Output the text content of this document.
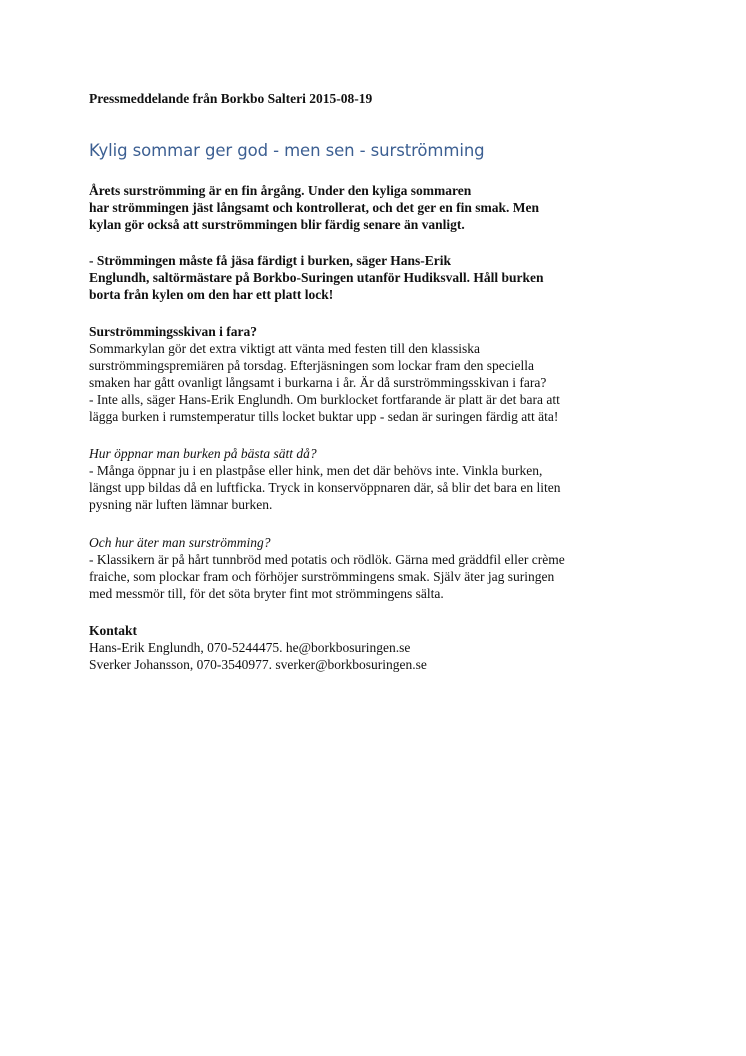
Pressmeddelande från Borkbo Salteri 2015-08-19

Kylig sommar ger god - men sen - surströmming
Årets surströmming är en fin årgång. Under den kyliga sommaren
har strömmingen jäst långsamt och kontrollerat, och det ger en fin smak. Men
kylan gör också att surströmmingen blir färdig senare än vanligt.
- Strömmingen måste få jäsa färdigt i burken, säger Hans-Erik
Englundh, saltörmästare på Borkbo-Suringen utanför Hudiksvall. Håll burken
borta från kylen om den har ett platt lock!
Surströmmingsskivan i fara?
Sommarkylan gör det extra viktigt att vänta med festen till den klassiska
surströmmingspremiären på torsdag. Efterjäsningen som lockar fram den speciella
smaken har gått ovanligt långsamt i burkarna i år. Är då surströmmingsskivan i fara?
- Inte alls, säger Hans-Erik Englundh. Om burklocket fortfarande är platt är det bara att
lägga burken i rumstemperatur tills locket buktar upp - sedan är suringen färdig att äta!
Hur öppnar man burken på bästa sätt då?
- Många öppnar ju i en plastpåse eller hink, men det där behövs inte. Vinkla burken,
längst upp bildas då en luftficka. Tryck in konservöppnaren där, så blir det bara en liten
pysning när luften lämnar burken.
Och hur äter man surströmming?
- Klassikern är på hårt tunnbröd med potatis och rödlök. Gärna med gräddfil eller crème
fraiche, som plockar fram och förhöjer surströmmingens smak. Själv äter jag suringen
med messmör till, för det söta bryter fint mot strömmingens sälta.
Kontakt
Hans-Erik Englundh, 070-5244475. he@borkbosuringen.se
Sverker Johansson, 070-3540977. sverker@borkbosuringen.se
